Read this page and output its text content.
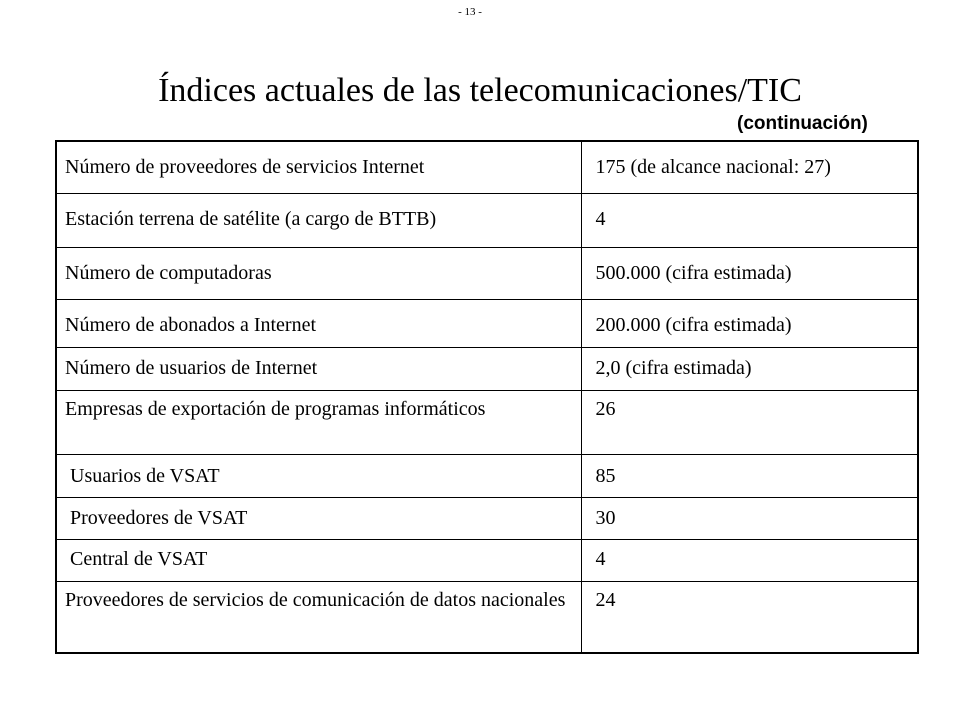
- 13 -
Índices actuales de las telecomunicaciones/TIC
(continuación)
Número de proveedores de servicios Internet	175 (de alcance nacional: 27)
Estación terrena de satélite (a cargo de BTTB)	4
Número de computadoras	500.000 (cifra estimada)
Número de abonados a Internet	200.000 (cifra estimada)
Número de usuarios de Internet	2,0 (cifra estimada)
Empresas de exportación de programas informáticos	26
Usuarios de VSAT	85
Proveedores de VSAT	30
Central de VSAT	4
Proveedores de servicios de comunicación de datos nacionales	24
